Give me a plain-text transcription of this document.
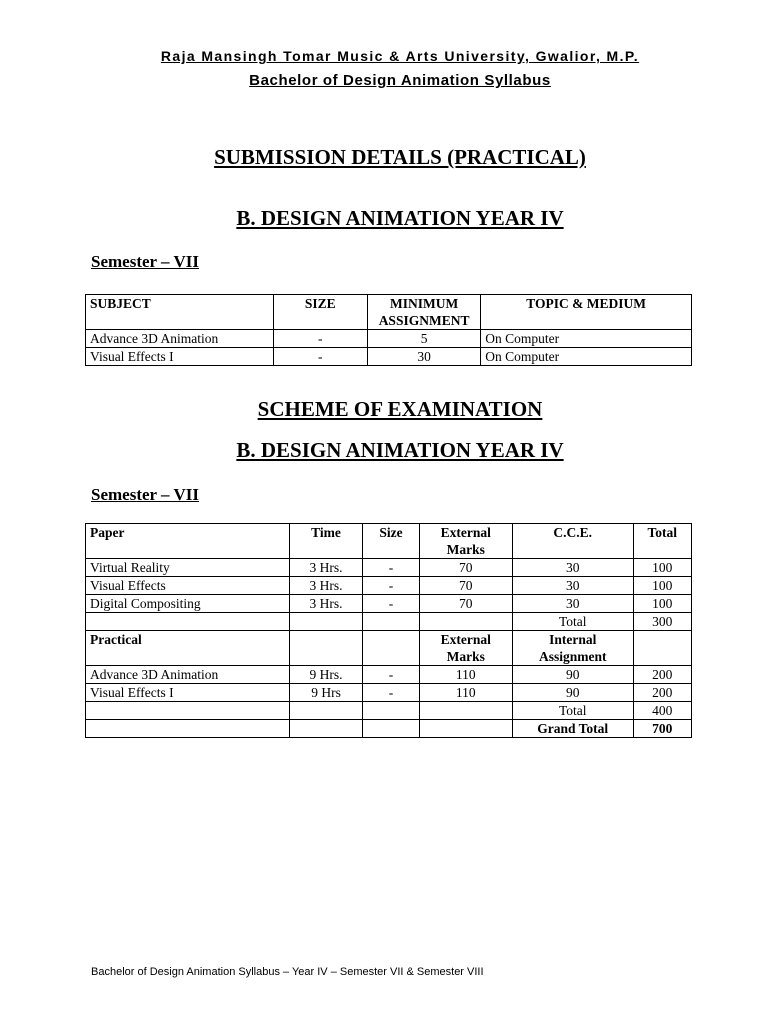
Raja Mansingh Tomar Music & Arts University, Gwalior, M.P.
Bachelor of Design Animation Syllabus
SUBMISSION DETAILS (PRACTICAL)
B. DESIGN ANIMATION YEAR IV
Semester – VII
SUBJECT	SIZE	MINIMUM ASSIGNMENT	TOPIC & MEDIUM
Advance 3D Animation	-	5	On Computer
Visual Effects I	-	30	On Computer
SCHEME OF EXAMINATION
B. DESIGN ANIMATION YEAR IV
Semester – VII
Paper	Time	Size	External Marks	C.C.E.	Total
Virtual Reality	3 Hrs.	-	70	30	100
Visual Effects	3 Hrs.	-	70	30	100
Digital Compositing	3 Hrs.	-	70	30	100
				Total	300
Practical			External Marks	Internal Assignment	
Advance 3D Animation	9 Hrs.	-	110	90	200
Visual Effects I	9 Hrs	-	110	90	200
				Total	400
				Grand Total	700
Bachelor of Design Animation Syllabus – Year IV – Semester VII & Semester VIII
